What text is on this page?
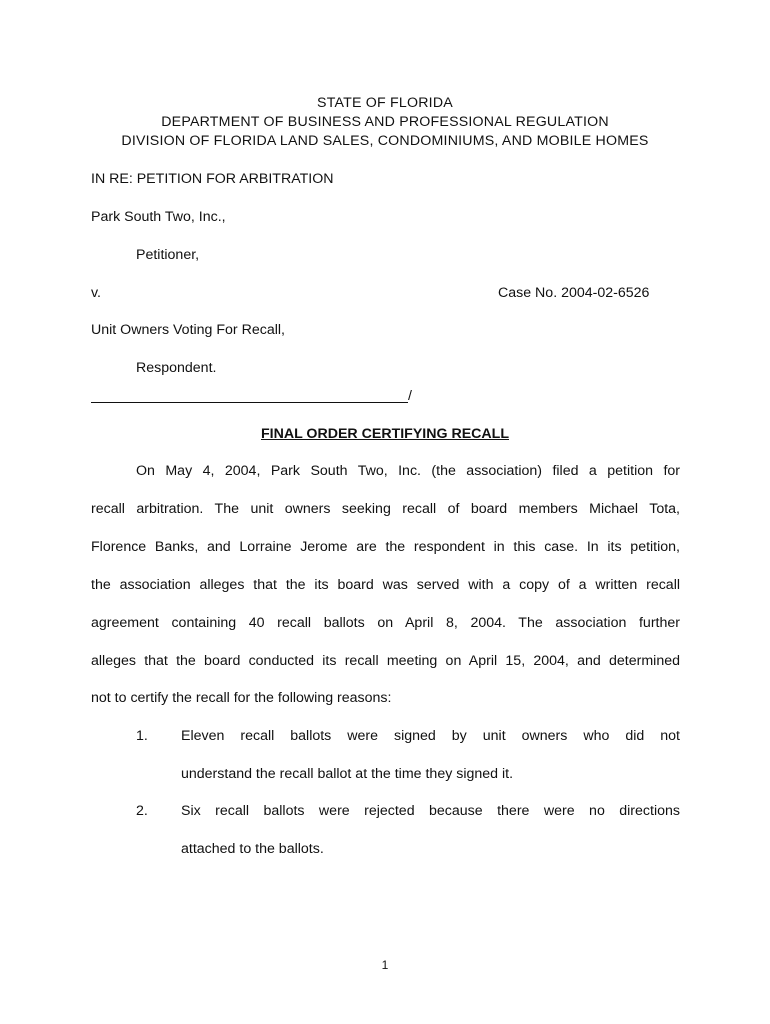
STATE OF FLORIDA
DEPARTMENT OF BUSINESS AND PROFESSIONAL REGULATION
DIVISION OF FLORIDA LAND SALES, CONDOMINIUMS, AND MOBILE HOMES
IN RE: PETITION FOR ARBITRATION
Park South Two, Inc.,
Petitioner,
v.	Case No. 2004-02-6526
Unit Owners Voting For Recall,
Respondent.
/
FINAL ORDER CERTIFYING RECALL
On May 4, 2004, Park South Two, Inc. (the association) filed a petition for
recall arbitration. The unit owners seeking recall of board members Michael Tota,
Florence Banks, and Lorraine Jerome are the respondent in this case. In its petition,
the association alleges that the its board was served with a copy of a written recall
agreement containing 40 recall ballots on April 8, 2004. The association further
alleges that the board conducted its recall meeting on April 15, 2004, and determined
not to certify the recall for the following reasons:
1. Eleven recall ballots were signed by unit owners who did not
understand the recall ballot at the time they signed it.
2. Six recall ballots were rejected because there were no directions
attached to the ballots.
1
